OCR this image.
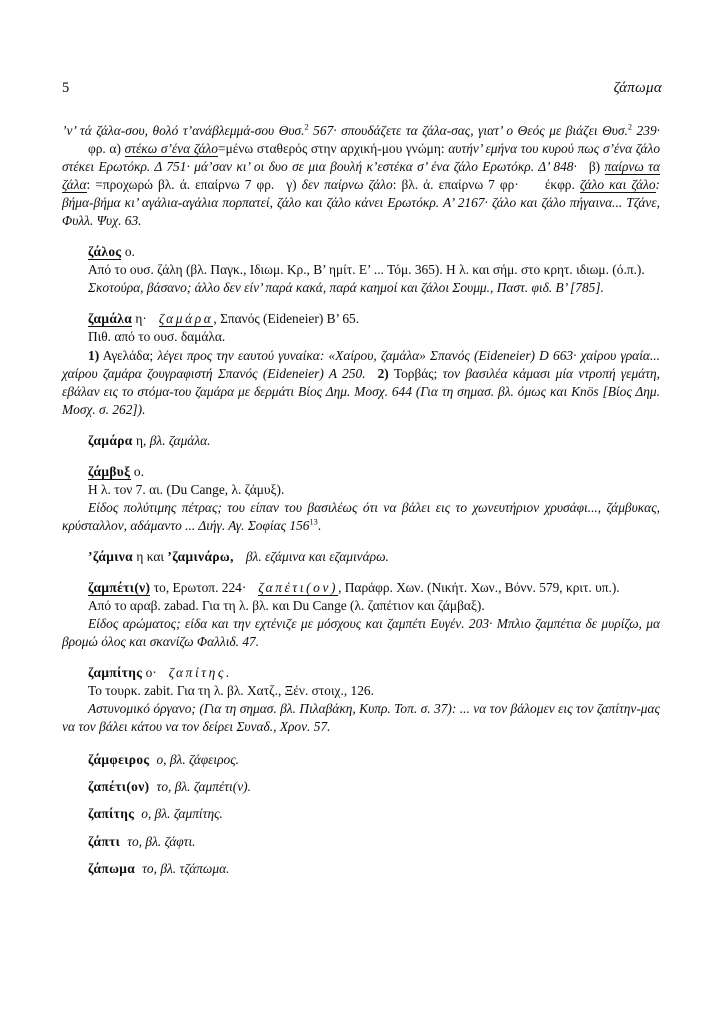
5	ζάπωμα

’ν’ τά ζάλα-σου, θολό τ’ανάβλεμμά-σου Θυσ.$^2$ 567· σπουδάζετε τα ζάλα-σας, γιατ’ ο Θεός με βιάζει Θυσ.$^2$ 239·φρ. α) στέκω σ’ένα ζάλο=μένω σταθερός στην αρχική-μου γνώμη: αυτήν’ εμήνα του κυρού πως σ’ένα ζάλο στέκει Ερωτόκρ. Δ 751· μά’σαν κι’ οι δυο σε μια βουλή κ’εστέκα σ’ ένα ζάλο Ερωτόκρ. Δ’ 848· β) παίρνω τα ζάλα: =προχωρώ βλ. ά. επαίρνω 7 φρ. γ) δεν παίρνω ζάλο: βλ. ά. επαίρνω 7 φρ· έκφρ. ζάλο και ζάλο: βήμα-βήμα κι’ αγάλια-αγάλια πορπατεί, ζάλο και ζάλο κάνει Ερωτόκρ. Α’ 2167· ζάλο και ζάλο πήγαινα... Τζάνε, Φυλλ. Ψυχ. 63.

ζάλος ο.

Από το ουσ. ζάλη (βλ. Παγκ., Ιδιωμ. Κρ., Β’ ημίτ. Ε’ ... Τόμ. 365). Η λ. και σήμ. στο κρητ. ιδιωμ. (ό.π.).

Σκοτούρα, βάσανο; άλλο δεν είν’ παρά κακά, παρά καημοί και ζάλοι Σουμμ., Παστ. φιδ. Β’ [785].

ζαμάλα η· ζαμάρα, Σπανός (Eideneier) Β’ 65.

Πιθ. από το ουσ. δαμάλα.

1) Αγελάδα; λέγει προς την εαυτού γυναίκα: «Χαίρου, ζαμάλα» Σπανός (Eideneier) D 663· χαίρου γραία... χαίρου ζαμάρα ζουγραφιστή Σπανός (Eideneier) Α 250. 2) Τορβάς; τον βασιλέα κάμασι μία ντροπή γεμάτη, εβάλαν εις το στόμα-του ζαμάρα με δερμάτι Βίος Δημ. Μοσχ. 644 (Για τη σημασ. βλ. όμως και Knös [Βίος Δημ. Μοσχ. σ. 262]).

ζαμάρα η, βλ. ζαμάλα.

ζάμβυξ ο.

Η λ. τον 7. αι. (Du Cange, λ. ζάμυξ).

Είδος πολύτιμης πέτρας; του είπαν του βασιλέως ότι να βάλει εις το χωνευτήριον χρυσάφι..., ζάμβυκας, κρύσταλλον, αδάμαντο ... Διήγ. Αγ. Σοφίας $156^{13}$.

’ζάμινα η και ’ζαμινάρω, βλ. εζάμινα και εζαμινάρω.

ζαμπέτι(ν) το, Ερωτοπ. 224· ζαπέτι(ον), Παράφρ. Χων. (Νικήτ. Χων., Βόνν. 579, κριτ. υπ.).

Από το αραβ. zabad. Για τη λ. βλ. και Du Cange (λ. ζαπέτιον και ζάμβαξ).

Είδος αρώματος; είδα και την εχτένιζε με μόσχους και ζαμπέτι Ευγέν. 203· Μπλιο ζαμπέτια δε μυρίζω, μα βρομώ όλος και σκανίζω Φαλλιδ. 47.

ζαμπίτης ο· ζαπίτης.

Το τουρκ. zabit. Για τη λ. βλ. Χατζ., Ξέν. στοιχ., 126.

Αστυνομικό όργανο; (Για τη σημασ. βλ. Πιλαβάκη, Κυπρ. Τοπ. σ. 37): ... να τον βάλομεν εις τον ζαπίτην-μας να τον βάλει κάτου να τον δείρει Συναδ., Χρον. 57.

ζάμφειρος ο, βλ. ζάφειρος.

ζαπέτι(ον) το, βλ. ζαμπέτι(ν).

ζαπίτης ο, βλ. ζαμπίτης.

ζάπτι το, βλ. ζάφτι.

ζάπωμα το, βλ. τζάπωμα.
